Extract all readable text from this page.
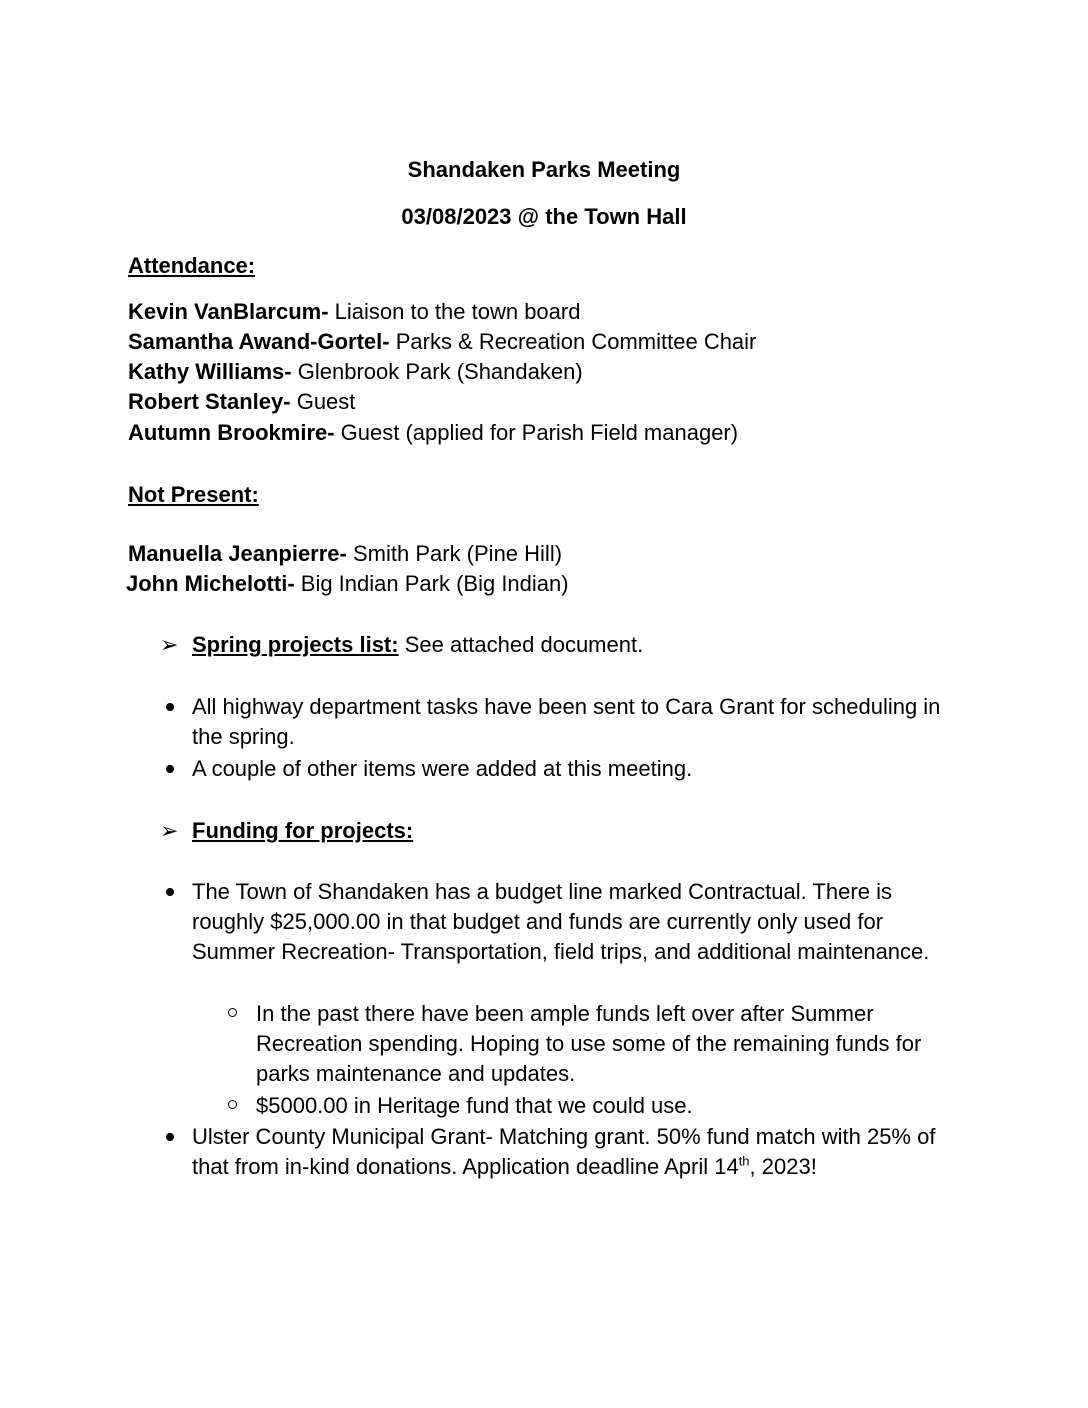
Shandaken Parks Meeting
03/08/2023 @ the Town Hall
Attendance:
Kevin VanBlarcum- Liaison to the town board
Samantha Awand-Gortel- Parks & Recreation Committee Chair
Kathy Williams- Glenbrook Park (Shandaken)
Robert Stanley- Guest
Autumn Brookmire- Guest (applied for Parish Field manager)
Not Present:
Manuella Jeanpierre- Smith Park (Pine Hill)
John Michelotti- Big Indian Park (Big Indian)
➢ Spring projects list: See attached document.
All highway department tasks have been sent to Cara Grant for scheduling in the spring.
A couple of other items were added at this meeting.
➢ Funding for projects:
The Town of Shandaken has a budget line marked Contractual. There is roughly $25,000.00 in that budget and funds are currently only used for Summer Recreation- Transportation, field trips, and additional maintenance.
In the past there have been ample funds left over after Summer Recreation spending. Hoping to use some of the remaining funds for parks maintenance and updates.
$5000.00 in Heritage fund that we could use.
Ulster County Municipal Grant- Matching grant. 50% fund match with 25% of that from in-kind donations. Application deadline April 14th, 2023!
